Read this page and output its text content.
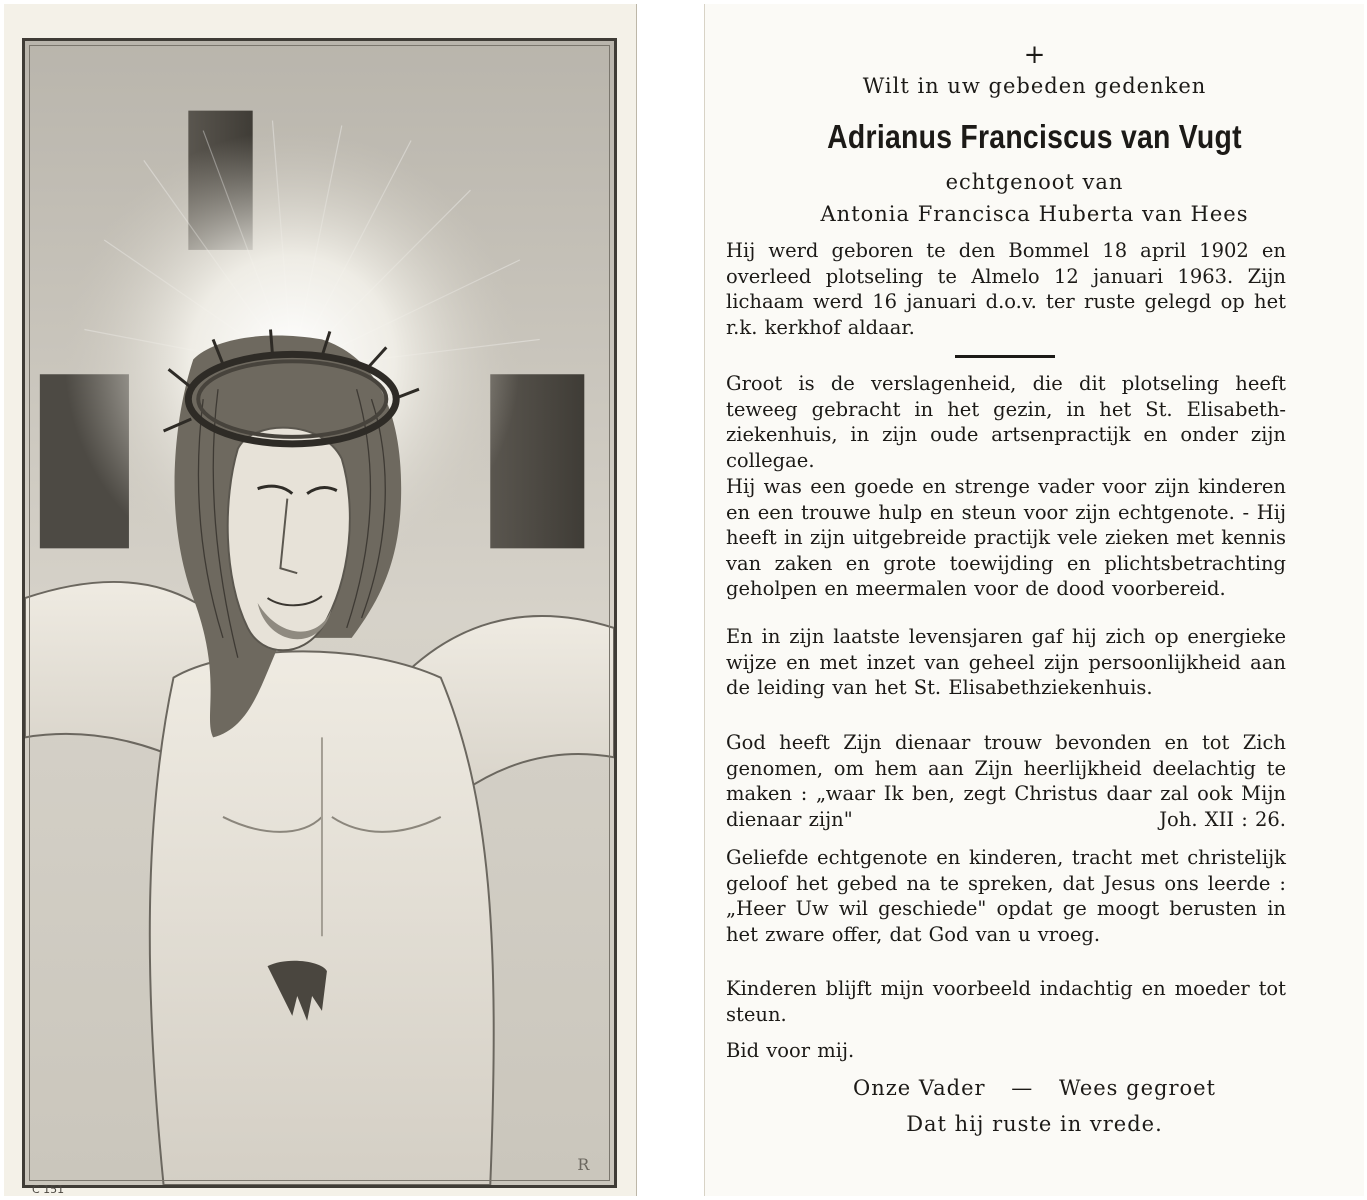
R
C 151
+
Wilt in uw gebeden gedenken
Adrianus Franciscus van Vugt
echtgenoot van
Antonia Francisca Huberta van Hees
Hij werd geboren te den Bommel 18 april 1902 en overleed plotseling te Almelo 12 januari 1963. Zijn lichaam werd 16 januari d.o.v. ter ruste gelegd op het r.k. kerkhof aldaar.
Groot is de verslagenheid, die dit plotseling heeft teweeg gebracht in het gezin, in het St. Elisabethziekenhuis, in zijn oude artsenpractijk en onder zijn collegae.
Hij was een goede en strenge vader voor zijn kinderen en een trouwe hulp en steun voor zijn echtgenote. - Hij heeft in zijn uitgebreide practijk vele zieken met kennis van zaken en grote toewijding en plichtsbetrachting geholpen en meermalen voor de dood voorbereid.
En in zijn laatste levensjaren gaf hij zich op energieke wijze en met inzet van geheel zijn persoonlijkheid aan de leiding van het St. Elisabethziekenhuis.
God heeft Zijn dienaar trouw bevonden en tot Zich genomen, om hem aan Zijn heerlijkheid deelachtig te maken : „waar Ik ben, zegt Christus daar zal ook Mijn dienaar zijn"	Joh. XII : 26.
Geliefde echtgenote en kinderen, tracht met christelijk geloof het gebed na te spreken, dat Jesus ons leerde : „Heer Uw wil geschiede" opdat ge moogt berusten in het zware offer, dat God van u vroeg.
Kinderen blijft mijn voorbeeld indachtig en moeder tot steun.
Bid voor mij.
Onze Vader — Wees gegroet
Dat hij ruste in vrede.
